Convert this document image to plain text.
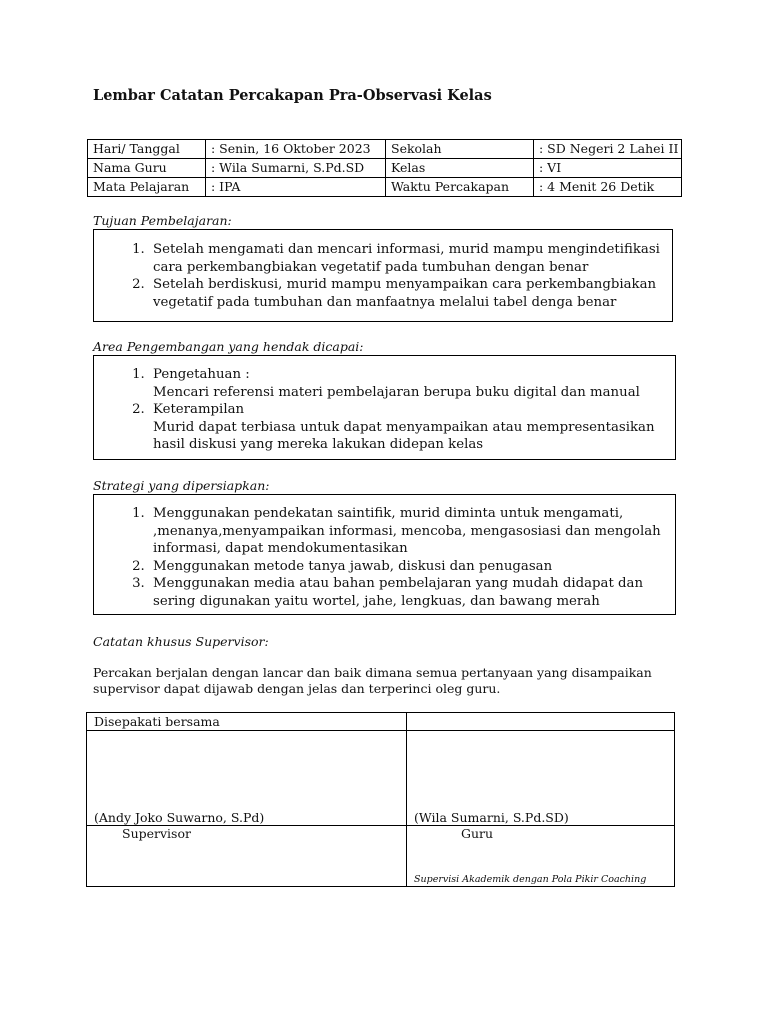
Lembar Catatan Percakapan Pra-Observasi Kelas
Hari/ Tanggal	: Senin, 16 Oktober 2023	Sekolah	: SD Negeri 2 Lahei II
Nama Guru	: Wila Sumarni, S.Pd.SD	Kelas	: VI
Mata Pelajaran	: IPA	Waktu Percakapan	: 4 Menit 26 Detik
Tujuan Pembelajaran:
1. Setelah mengamati dan mencari informasi, murid mampu mengindetifikasi cara perkembangbiakan vegetatif pada tumbuhan dengan benar
2. Setelah berdiskusi, murid mampu menyampaikan cara perkembangbiakan vegetatif pada tumbuhan dan manfaatnya melalui tabel denga benar
Area Pengembangan yang hendak dicapai:
1. Pengetahuan :
Mencari referensi materi pembelajaran berupa buku digital dan manual
2. Keterampilan
Murid dapat terbiasa untuk dapat menyampaikan atau mempresentasikan hasil diskusi yang mereka lakukan didepan kelas
Strategi yang dipersiapkan:
1. Menggunakan pendekatan saintifik, murid diminta untuk mengamati, ,menanya,menyampaikan informasi, mencoba, mengasosiasi dan mengolah informasi, dapat mendokumentasikan
2. Menggunakan metode tanya jawab, diskusi dan penugasan
3. Menggunakan media atau bahan pembelajaran yang mudah didapat dan sering digunakan yaitu wortel, jahe, lengkuas, dan bawang merah
Catatan khusus Supervisor:
Percakan berjalan dengan lancar dan baik dimana semua pertanyaan yang disampaikan supervisor dapat dijawab dengan jelas dan terperinci oleg guru.
Disepakati bersama	

(Andy Joko Suwarno, S.Pd)	(Wila Sumarni, S.Pd.SD)

Supervisor	Guru
Supervisi Akademik dengan Pola Pikir Coaching
